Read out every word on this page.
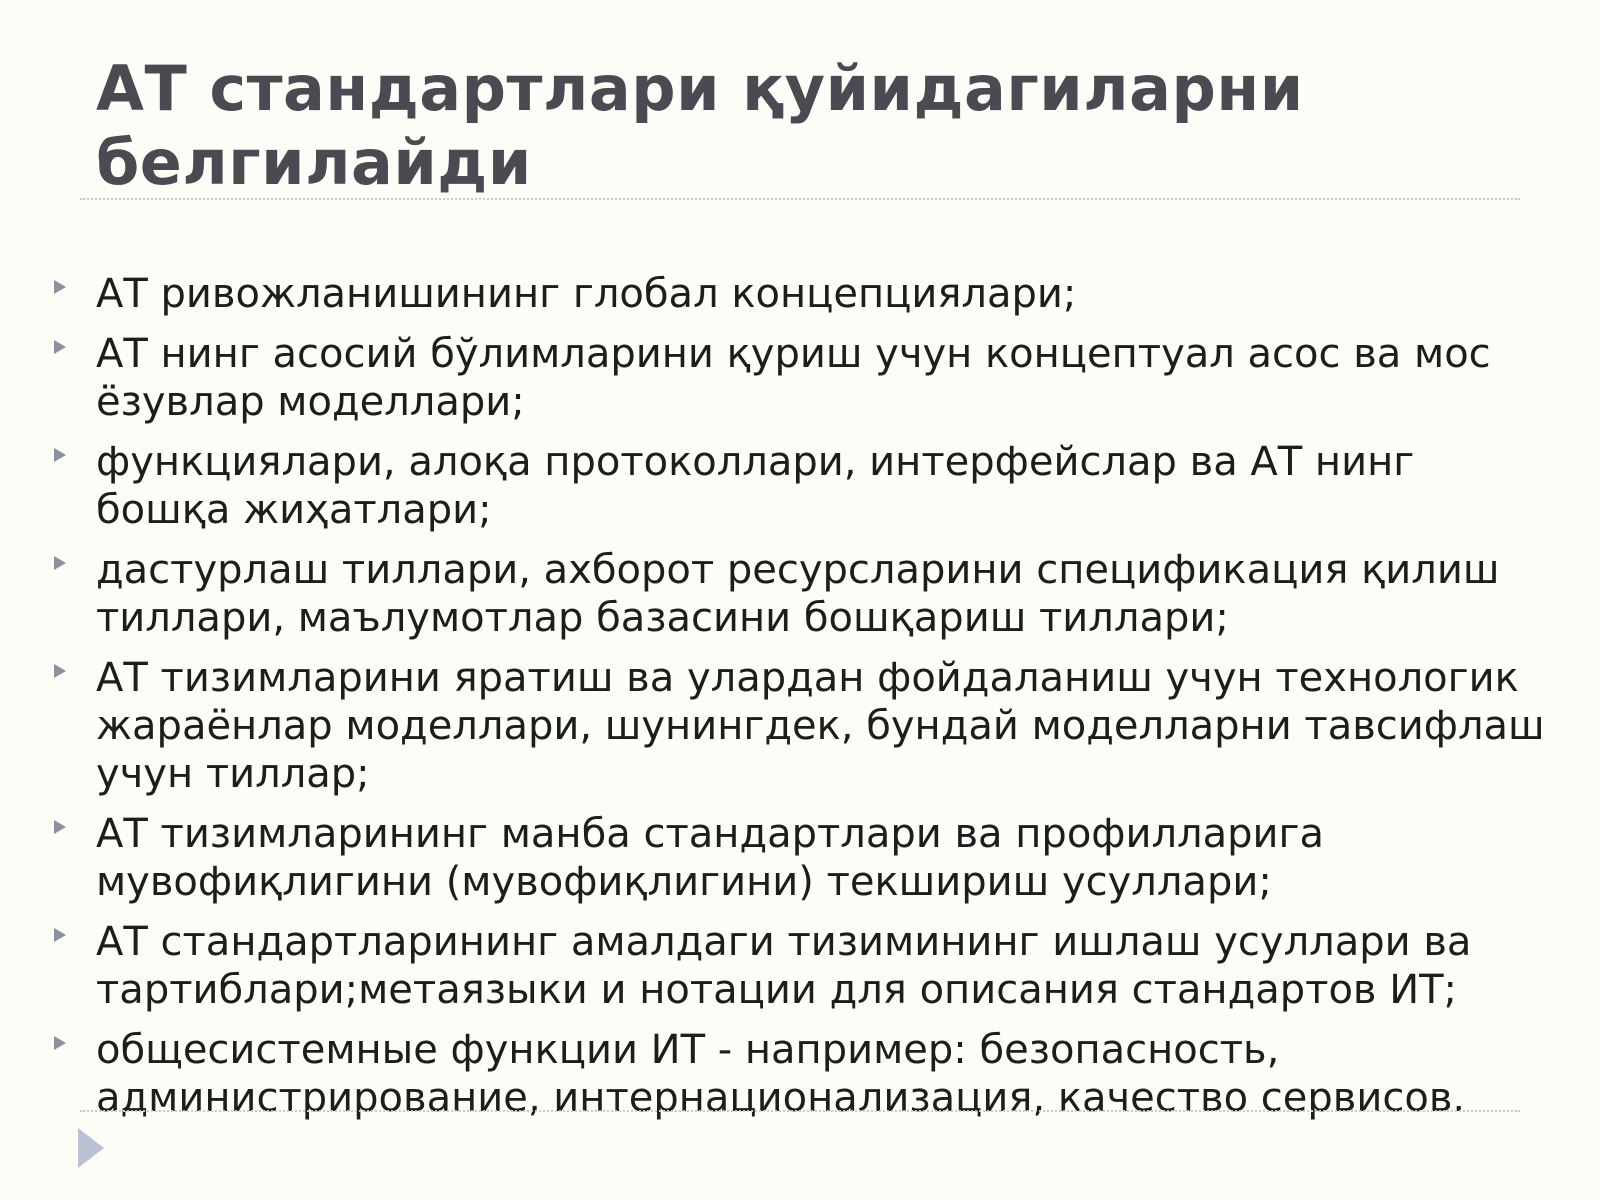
АТ стандартлари қуйидагиларни белгилайди
АТ ривожланишининг глобал концепциялари;
АТ нинг асосий бўлимларини қуриш учун концептуал асос ва мос ёзувлар моделлари;
функциялари, алоқа протоколлари, интерфейслар ва АТ нинг бошқа жиҳатлари;
дастурлаш тиллари, ахборот ресурсларини спецификация қилиш тиллари, маълумотлар базасини бошқариш тиллари;
АТ тизимларини яратиш ва улардан фойдаланиш учун технологик жараёнлар моделлари, шунингдек, бундай моделларни тавсифлаш учун тиллар;
АТ тизимларининг манба стандартлари ва профилларига мувофиқлигини (мувофиқлигини) текшириш усуллари;
АТ стандартларининг амалдаги тизимининг ишлаш усуллари ва тартиблари;метаязыки и нотации для описания стандартов ИТ;
общесистемные функции ИТ - например: безопасность, администрирование, интернационализация, качество сервисов.
